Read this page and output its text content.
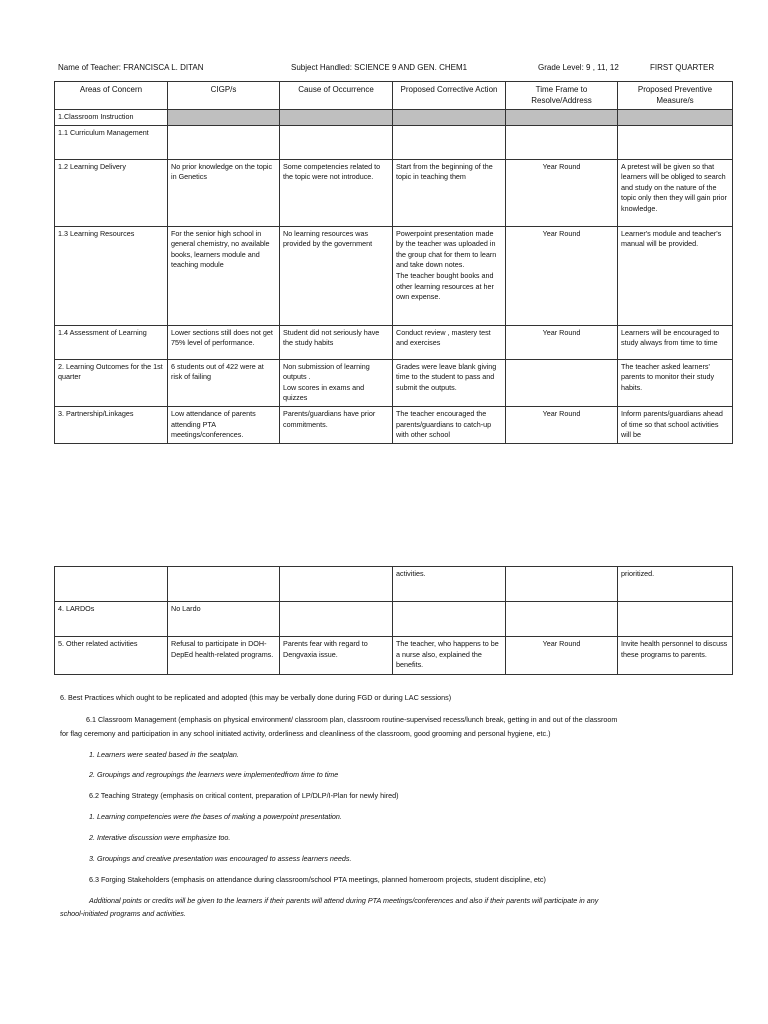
Name of Teacher: FRANCISCA L. DITAN	Subject Handled: SCIENCE 9 AND GEN. CHEM1	Grade Level: 9 , 11, 12	FIRST QUARTER
Areas of Concern	CIGP/s	Cause of Occurrence	Proposed Corrective Action	Time Frame to Resolve/Address	Proposed Preventive Measure/s
1.Classroom Instruction					
1.1 Curriculum Management					
1.2 Learning Delivery	No prior knowledge on the topic in Genetics	Some competencies related to the topic were not introduce.	Start from the beginning of the topic in teaching them	Year Round	A pretest will be given so that learners will be obliged to search and study on the nature of the topic only then they will gain prior knowledge.
1.3 Learning Resources	For the senior high school in general chemistry, no available books, learners module and teaching module	No learning resources was provided by the government	Powerpoint presentation made by the teacher was uploaded in the group chat for them to learn and take down notes.
The teacher bought books and other learning resources at her own expense.	Year Round	Learner's module and teacher's manual will be provided.
1.4 Assessment of Learning	Lower sections still does not get 75% level of performance.	Student did not seriously have the study habits	Conduct review , mastery test and exercises	Year Round	Learners will be encouraged to study always from time to time
2. Learning Outcomes for the 1st quarter	6 students out of 422 were at risk of failing	Non submission of learning outputs .
Low scores in exams and quizzes	Grades were leave blank giving time to the student to pass and submit the outputs.		The teacher asked learners' parents to monitor their study habits.
3. Partnership/Linkages	Low attendance of parents attending PTA meetings/conferences.	Parents/guardians have prior commitments.	The teacher encouraged the parents/guardians to catch-up with other school	Year Round	Inform parents/guardians ahead of time so that school activities will be
			activities.		prioritized.
4. LARDOs	No Lardo				
5. Other related activities	Refusal to participate in DOH-DepEd health-related programs.	Parents fear with regard to Dengvaxia issue.	The teacher, who happens to be a nurse also, explained the benefits.	Year Round	Invite health personnel to discuss these programs to parents.
6. Best Practices which ought to be replicated and adopted (this may be verbally done during FGD or during LAC sessions)
6.1 Classroom Management (emphasis on physical environment/ classroom plan, classroom routine-supervised recess/lunch break, getting in and out of the classroom
for flag ceremony and participation in any school initiated activity, orderliness and cleanliness of the classroom, good grooming and personal hygiene, etc.)
1. Learners were seated based in the seatplan.
2. Groupings and regroupings the learners were implementedfrom time to time
6.2 Teaching Strategy (emphasis on critical content, preparation of LP/DLP/I-Plan for newly hired)
1. Learning competencies were the bases of making a powerpoint presentation.
2. Interative discussion were emphasize too.
3. Groupings and creative presentation was encouraged to assess learners needs.
6.3 Forging Stakeholders (emphasis on attendance during classroom/school PTA meetings, planned homeroom projects, student discipline, etc)
Additional points or credits will be given to the learners if their parents will attend during PTA meetings/conferences and also if their parents will participate in any
school-initiated programs and activities.
